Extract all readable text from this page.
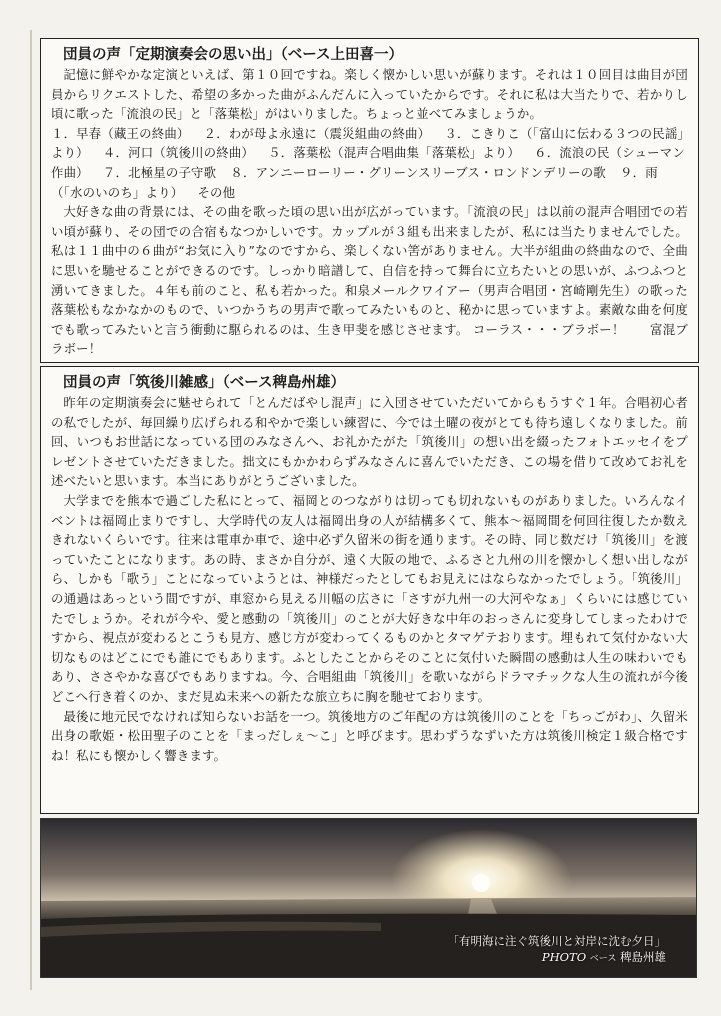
団員の声「定期演奏会の思い出」（ベース上田喜一）

記憶に鮮やかな定演といえば、第１０回ですね。楽しく懐かしい思いが蘇ります。それは１０回目は曲目が団員からリクエストした、希望の多かった曲がふんだんに入っていたからです。それに私は大当たりで、若かりし頃に歌った「流浪の民」と「落葉松」がはいりました。ちょっと並べてみましょうか。

１．早春（藏王の終曲） ２．わが母よ永遠に（震災組曲の終曲） ３．こきりこ（「富山に伝わる３つの民謡」より） ４．河口（筑後川の終曲） ５．落葉松（混声合唱曲集「落葉松」より） ６．流浪の民（シューマン　作曲） ７．北極星の子守歌 ８．アンニーローリー・グリーンスリーブス・ロンドンデリーの歌 ９．雨（「水のいのち」より） その他

大好きな曲の背景には、その曲を歌った頃の思い出が広がっています。「流浪の民」は以前の混声合唱団での若い頃が蘇り、その団での合宿もなつかしいです。カップルが３組も出来ましたが、私には当たりませんでした。私は１１曲中の６曲が“お気に入り”なのですから、楽しくない筈がありません。大半が組曲の終曲なので、全曲に思いを馳せることができるのです。しっかり暗譜して、自信を持って舞台に立ちたいとの思いが、ふつふつと湧いてきました。４年も前のこと、私も若かった。和泉メールクワイアー（男声合唱団・宮崎剛先生）の歌った落葉松もなかなかのもので、いつかうちの男声で歌ってみたいものと、秘かに思っていますよ。素敵な曲を何度でも歌ってみたいと言う衝動に駆られるのは、生き甲斐を感じさせます。 コーラス・・・ブラボー！　　富混ブラボー！

団員の声「筑後川雑感」（ベース稗島州雄）

昨年の定期演奏会に魅せられて「とんだばやし混声」に入団させていただいてからもうすぐ１年。合唱初心者の私でしたが、毎回繰り広げられる和やかで楽しい練習に、今では土曜の夜がとても待ち遠しくなりました。前回、いつもお世話になっている団のみなさんへ、お礼かたがた「筑後川」の想い出を綴ったフォトエッセイをプレゼントさせていただきました。拙文にもかかわらずみなさんに喜んでいただき、この場を借りて改めてお礼を述べたいと思います。本当にありがとうございました。

大学までを熊本で過ごした私にとって、福岡とのつながりは切っても切れないものがありました。いろんなイベントは福岡止まりですし、大学時代の友人は福岡出身の人が結構多くて、熊本〜福岡間を何回往復したか数えきれないくらいです。往来は電車か車で、途中必ず久留米の街を通ります。その時、同じ数だけ「筑後川」を渡っていたことになります。あの時、まさか自分が、遠く大阪の地で、ふるさと九州の川を懐かしく想い出しながら、しかも「歌う」ことになっていようとは、神様だったとしてもお見えにはならなかったでしょう。「筑後川」の通過はあっという間ですが、車窓から見える川幅の広さに「さすが九州一の大河やなぁ」くらいには感じていたでしょうか。それが今や、愛と感動の「筑後川」のことが大好きな中年のおっさんに変身してしまったわけですから、視点が変わるとこうも見方、感じ方が変わってくるものかとタマゲテおります。埋もれて気付かない大切なものはどこにでも誰にでもあります。ふとしたことからそのことに気付いた瞬間の感動は人生の味わいでもあり、ささやかな喜びでもありますね。今、合唱組曲「筑後川」を歌いながらドラマチックな人生の流れが今後どこへ行き着くのか、まだ見ぬ未来への新たな旅立ちに胸を馳せております。

最後に地元民でなければ知らないお話を一つ。筑後地方のご年配の方は筑後川のことを「ちっごがわ」、久留米出身の歌姫・松田聖子のことを「まっだしぇ〜こ」と呼びます。思わずうなずいた方は筑後川検定１級合格ですね！私にも懐かしく響きます。

「有明海に注ぐ筑後川と対岸に沈む夕日」
PHOTO ベース 稗島州雄
